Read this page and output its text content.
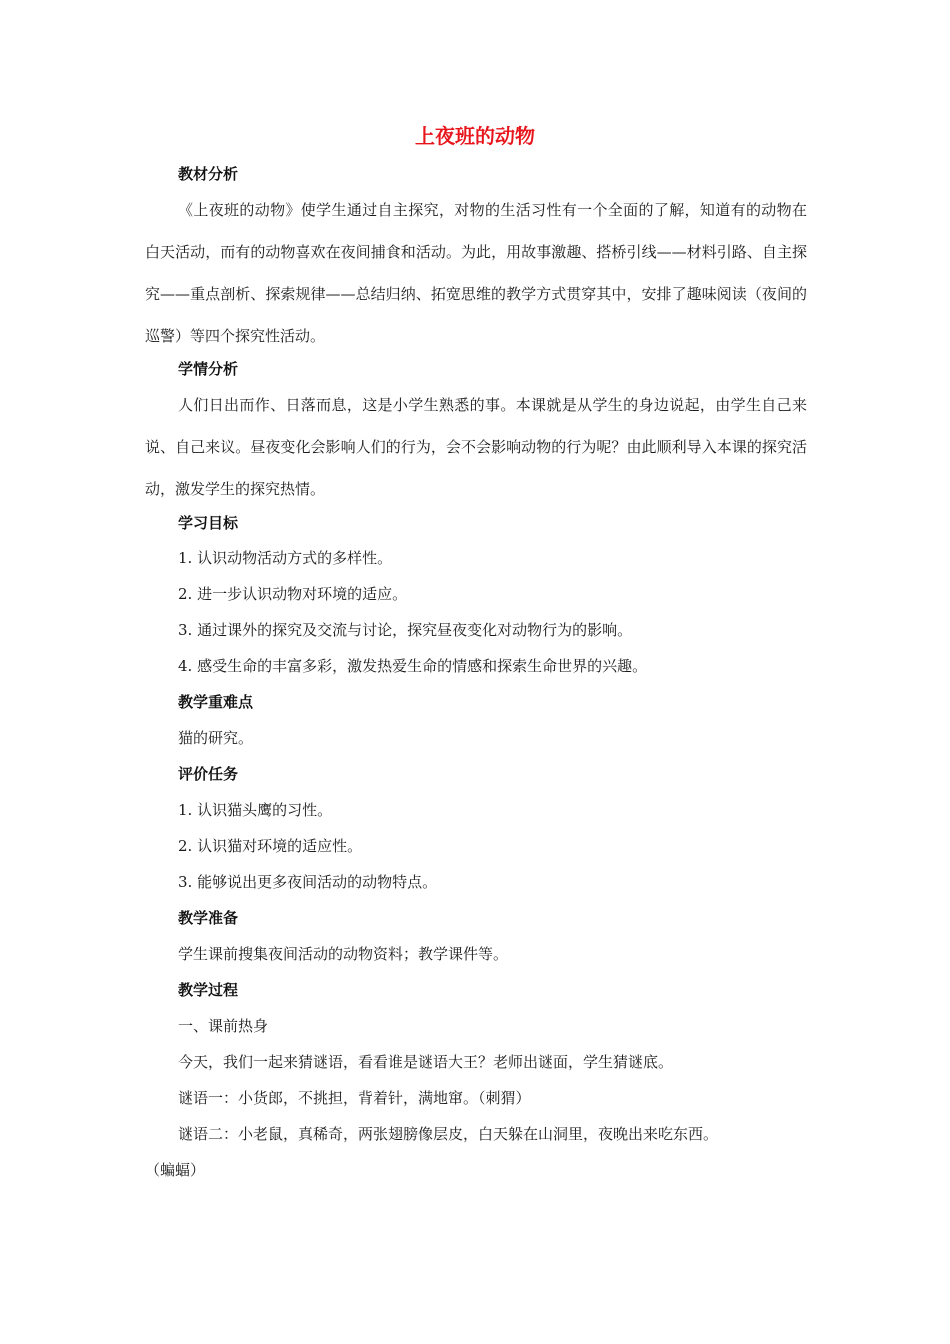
上夜班的动物
教材分析

《上夜班的动物》使学生通过自主探究，对物的生活习性有一个全面的了解，知道有的动物在白天活动，而有的动物喜欢在夜间捕食和活动。为此，用故事激趣、搭桥引线——材料引路、自主探究——重点剖析、探索规律——总结归纳、拓宽思维的教学方式贯穿其中，安排了趣味阅读（夜间的巡警）等四个探究性活动。

学情分析

人们日出而作、日落而息，这是小学生熟悉的事。本课就是从学生的身边说起，由学生自己来说、自己来议。昼夜变化会影响人们的行为，会不会影响动物的行为呢？由此顺利导入本课的探究活动，激发学生的探究热情。

学习目标
1. 认识动物活动方式的多样性。
2. 进一步认识动物对环境的适应。
3. 通过课外的探究及交流与讨论，探究昼夜变化对动物行为的影响。
4. 感受生命的丰富多彩，激发热爱生命的情感和探索生命世界的兴趣。
教学重难点
猫的研究。
评价任务
1. 认识猫头鹰的习性。
2. 认识猫对环境的适应性。
3. 能够说出更多夜间活动的动物特点。
教学准备
学生课前搜集夜间活动的动物资料；教学课件等。
教学过程
一、课前热身
今天，我们一起来猜谜语，看看谁是谜语大王？老师出谜面，学生猜谜底。
谜语一：小货郎，不挑担，背着针，满地窜。（刺猬）
谜语二：小老鼠，真稀奇，两张翅膀像层皮，白天躲在山洞里，夜晚出来吃东西。
（蝙蝠）
